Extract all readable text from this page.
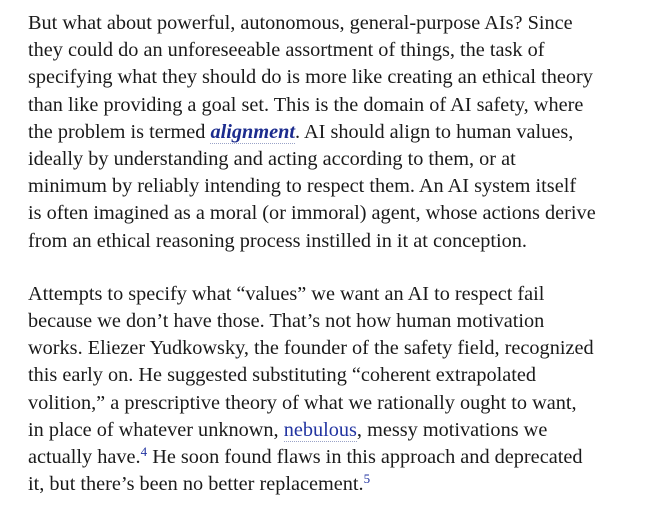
But what about powerful, autonomous, general-purpose AIs? Since
they could do an unforeseeable assortment of things, the task of
specifying what they should do is more like creating an ethical theory
than like providing a goal set. This is the domain of AI safety, where
the problem is termed alignment. AI should align to human values,
ideally by understanding and acting according to them, or at
minimum by reliably intending to respect them. An AI system itself
is often imagined as a moral (or immoral) agent, whose actions derive
from an ethical reasoning process instilled in it at conception.

Attempts to specify what “values” we want an AI to respect fail
because we don’t have those. That’s not how human motivation
works. Eliezer Yudkowsky, the founder of the safety field, recognized
this early on. He suggested substituting “coherent extrapolated
volition,” a prescriptive theory of what we rationally ought to want,
in place of whatever unknown, nebulous, messy motivations we
actually have.$^4$ He soon found flaws in this approach and deprecated
it, but there’s been no better replacement.$^5$
